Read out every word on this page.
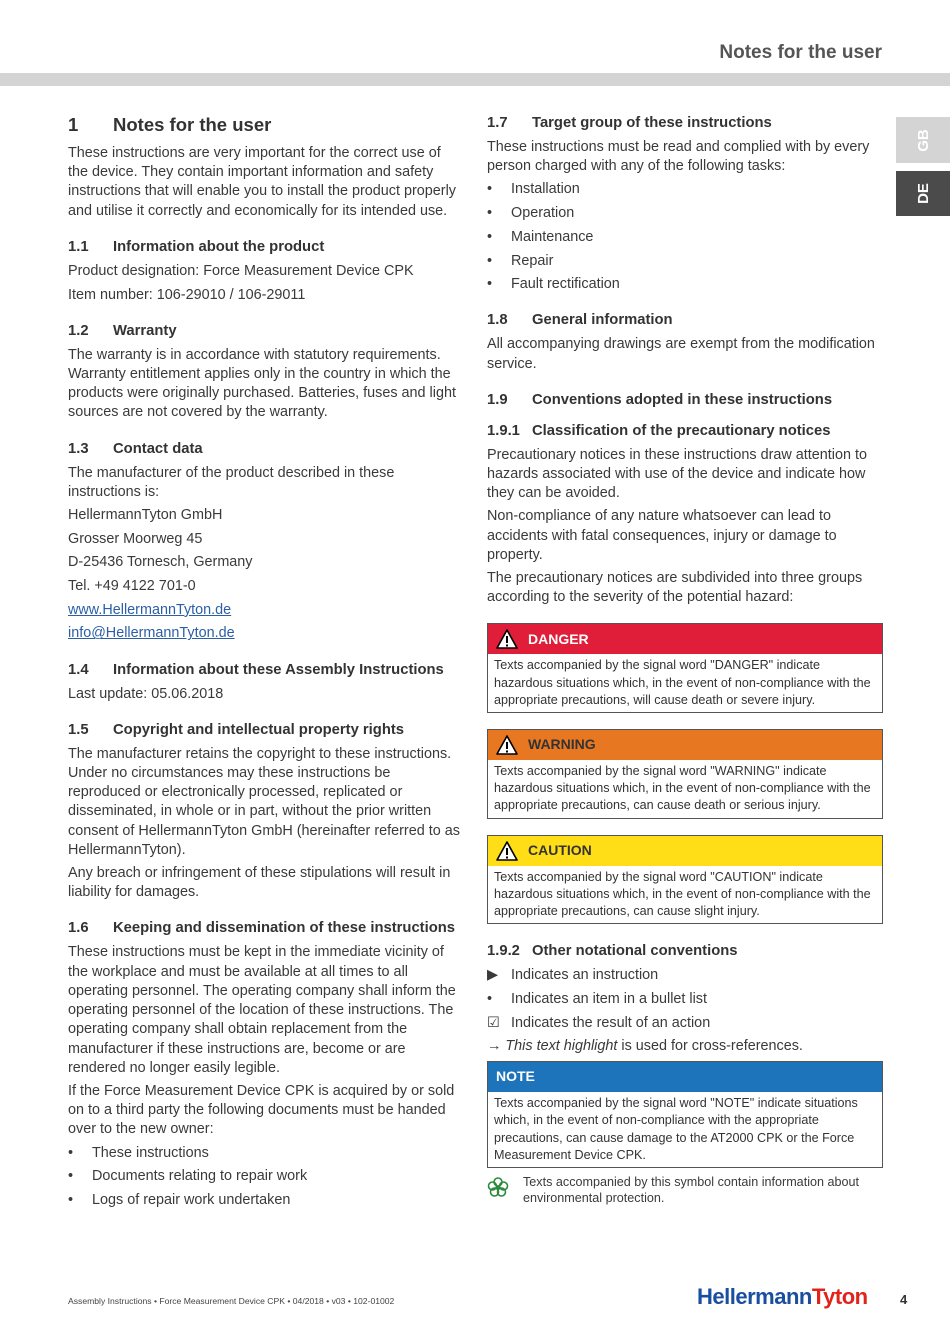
Notes for the user
GB
DE
1	Notes for the user

These instructions are very important for the correct use of the device. They contain important information and safety instructions that will enable you to install the product properly and utilise it correctly and economically for its intended use.

1.1	Information about the product
Product designation: Force Measurement Device CPK
Item number: 106-29010 / 106-29011
1.2	Warranty

The warranty is in accordance with statutory requirements. Warranty entitlement applies only in the country in which the products were originally purchased. Batteries, fuses and light sources are not covered by the warranty.

1.3	Contact data

The manufacturer of the product described in these instructions is:

HellermannTyton GmbH
Grosser Moorweg 45
D-25436 Tornesch, Germany
Tel. +49 4122 701-0
www.HellermannTyton.de
info@HellermannTyton.de
1.4	Information about these Assembly Instructions

Last update: 05.06.2018

1.5	Copyright and intellectual property rights

The manufacturer retains the copyright to these instructions. Under no circumstances may these instructions be reproduced or electronically processed, replicated or disseminated, in whole or in part, without the prior written consent of HellermannTyton GmbH (hereinafter referred to as HellermannTyton).

Any breach or infringement of these stipulations will result in liability for damages.

1.6	Keeping and dissemination of these instructions

These instructions must be kept in the immediate vicinity of the workplace and must be available at all times to all operating personnel. The operating company shall inform the operating personnel of the location of these instructions. The operating company shall obtain replacement from the manufacturer if these instructions are, become or are rendered no longer easily legible.

If the Force Measurement Device CPK is acquired by or sold on to a third party the following documents must be handed over to the new owner:

•	These instructions
•	Documents relating to repair work
•	Logs of repair work undertaken
1.7	Target group of these instructions

These instructions must be read and complied with by every person charged with any of the following tasks:

•	Installation
•	Operation
•	Maintenance
•	Repair
•	Fault rectification
1.8	General information

All accompanying drawings are exempt from the modification service.

1.9	Conventions adopted in these instructions
1.9.1 Classification of the precautionary notices

Precautionary notices in these instructions draw attention to hazards associated with use of the device and indicate how they can be avoided.

Non-compliance of any nature whatsoever can lead to accidents with fatal consequences, injury or damage to property.

The precautionary notices are subdivided into three groups according to the severity of the potential hazard:

DANGER
Texts accompanied by the signal word "DANGER" indicate hazardous situations which, in the event of non-compliance with the appropriate precautions, will cause death or severe injury.
WARNING
Texts accompanied by the signal word "WARNING" indicate hazardous situations which, in the event of non-compliance with the appropriate precautions, can cause death or serious injury.
CAUTION
Texts accompanied by the signal word "CAUTION" indicate hazardous situations which, in the event of non-compliance with the appropriate precautions, can cause slight injury.
1.9.2 Other notational conventions
▶ Indicates an instruction
•	Indicates an item in a bullet list
☑ Indicates the result of an action
→ This text highlight is used for cross-references.
NOTE
Texts accompanied by the signal word "NOTE" indicate situations which, in the event of non-compliance with the appropriate precautions, can cause damage to the AT2000 CPK or the Force Measurement Device CPK.
Texts accompanied by this symbol contain information about environmental protection.
Assembly Instructions • Force Measurement Device CPK • 04/2018 • v03 • 102-01002	HellermannTyton 4
